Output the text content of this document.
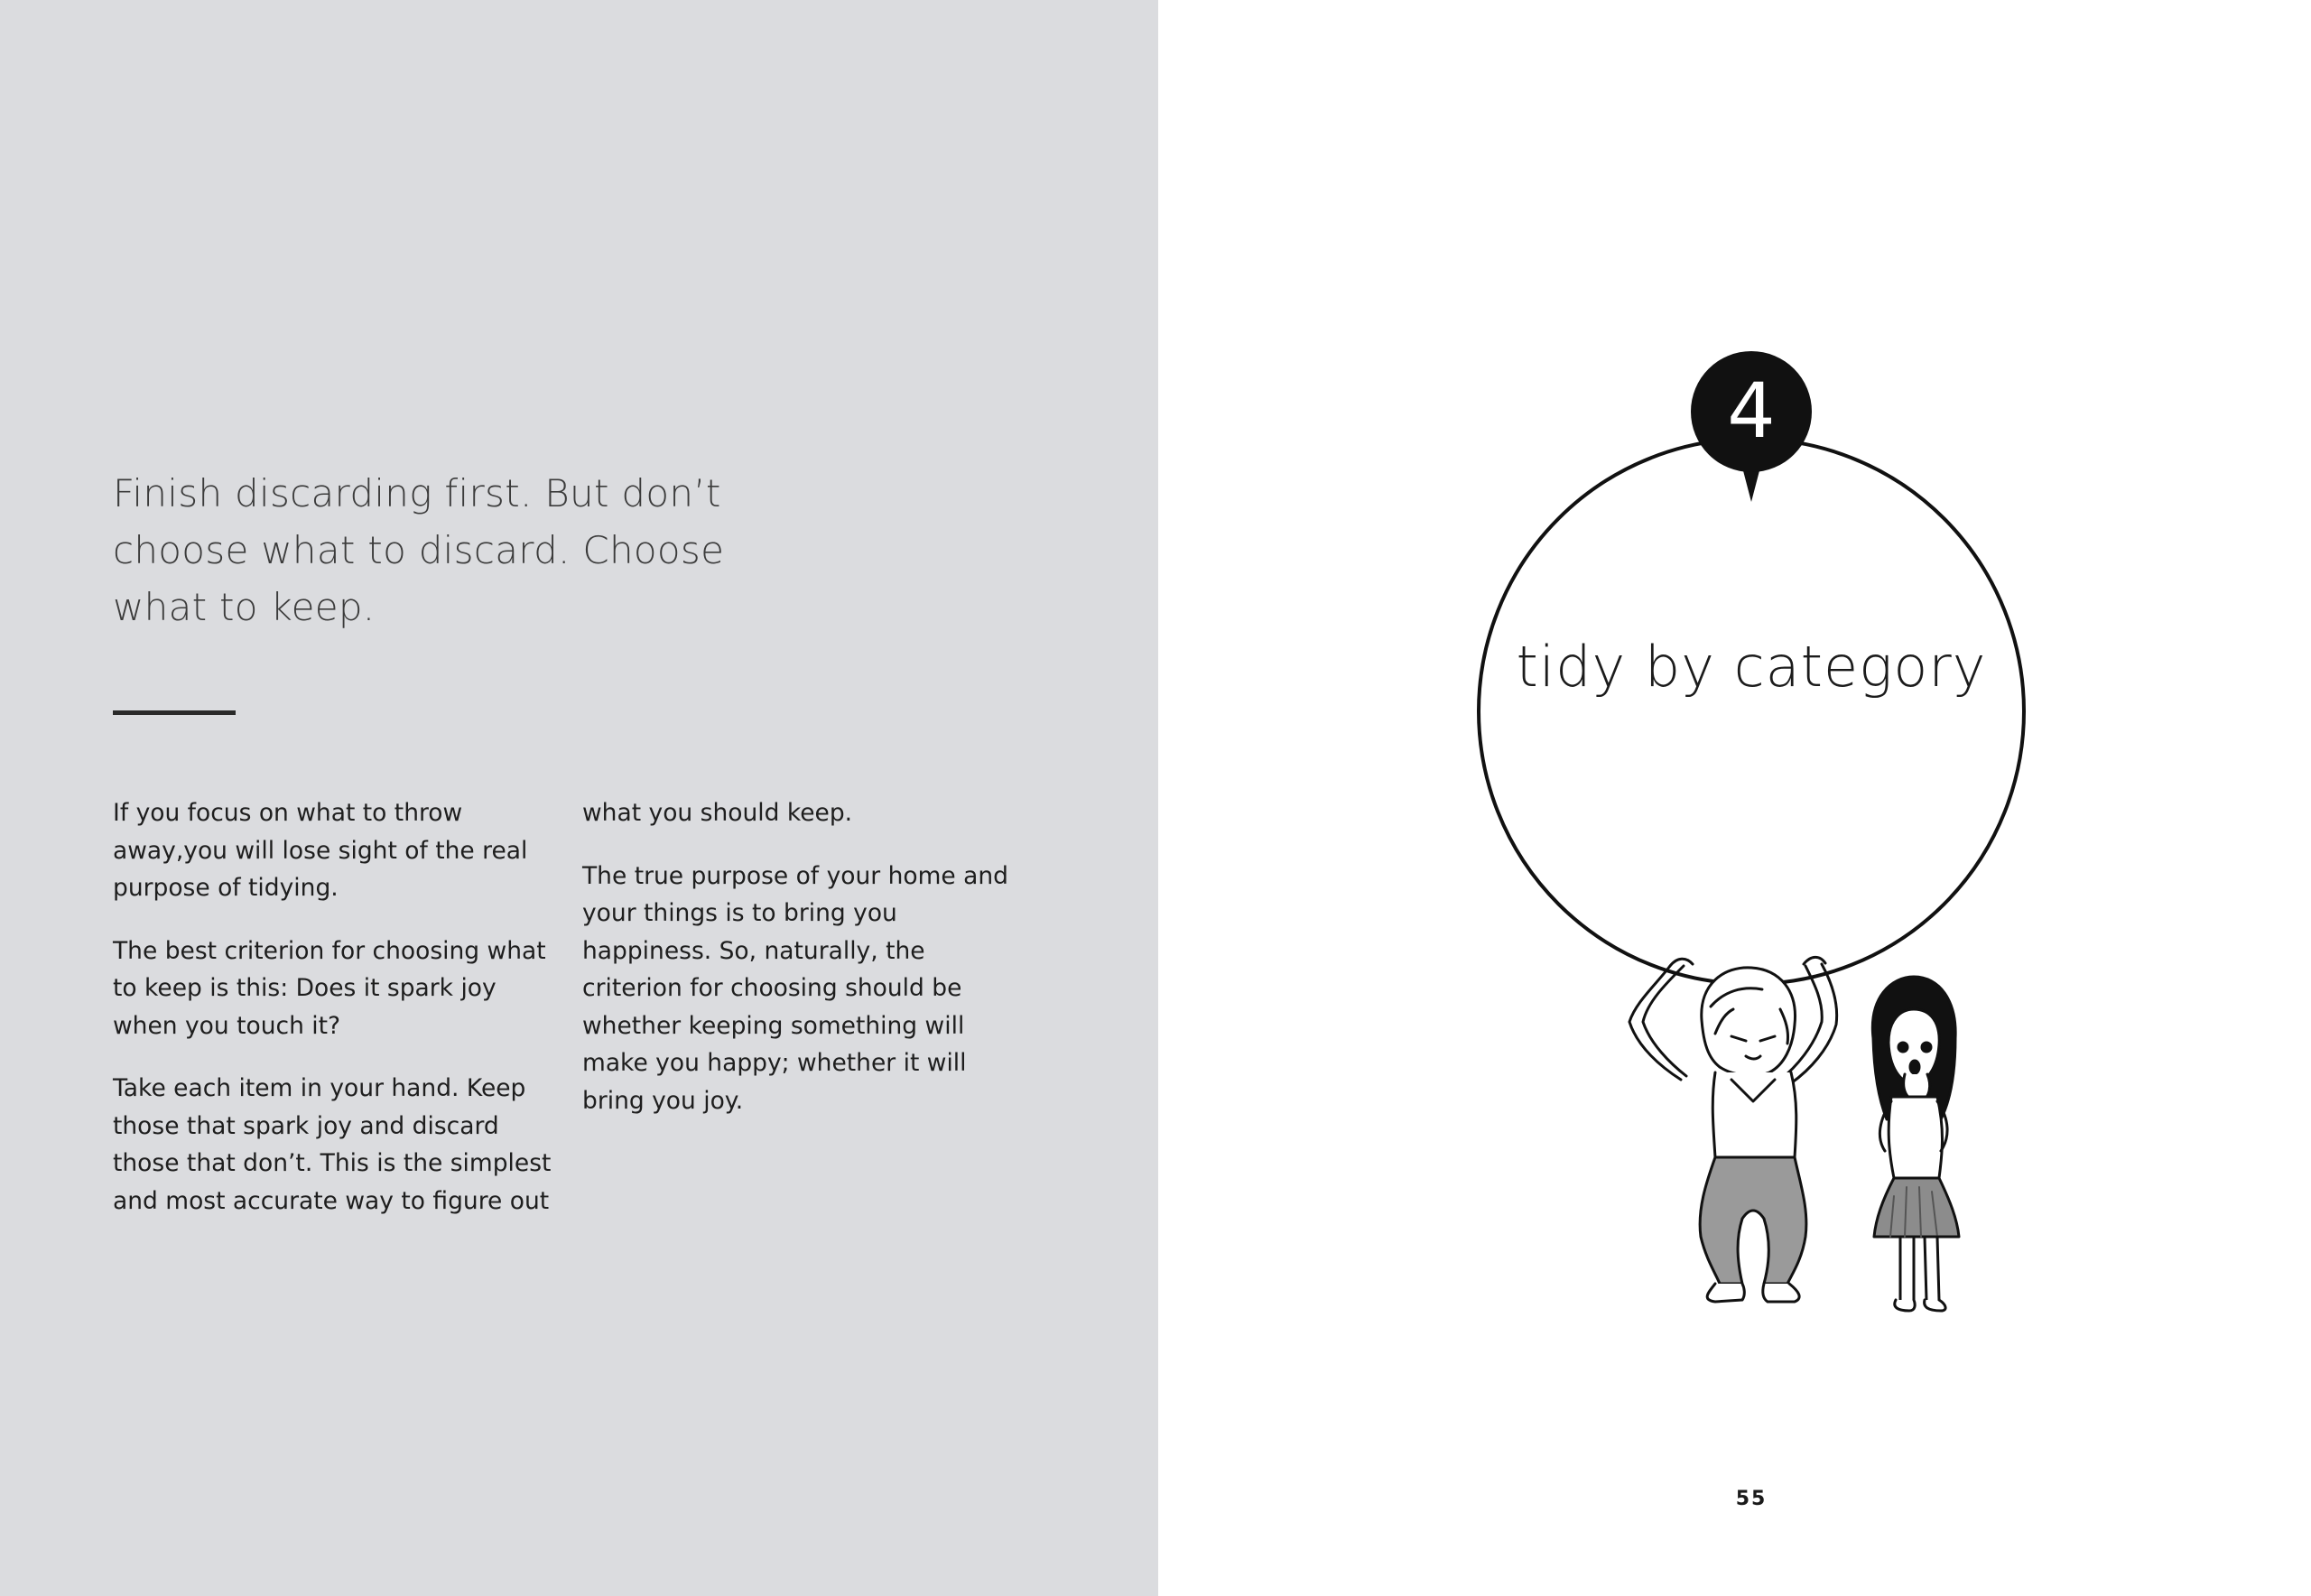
Finish discarding first. But don’t choose what to discard. Choose what to keep.

If you focus on what to throw away,you will lose sight of the real purpose of tidying.

The best criterion for choosing what to keep is this: Does it spark joy when you touch it?

Take each item in your hand. Keep those that spark joy and discard those that don’t. This is the simplest and most accurate way to figure out

what you should keep.

The true purpose of your home and your things is to bring you happiness. So, naturally, the criterion for choosing should be whether keeping something will make you happy; whether it will bring you joy.

4

tidy by category

55
